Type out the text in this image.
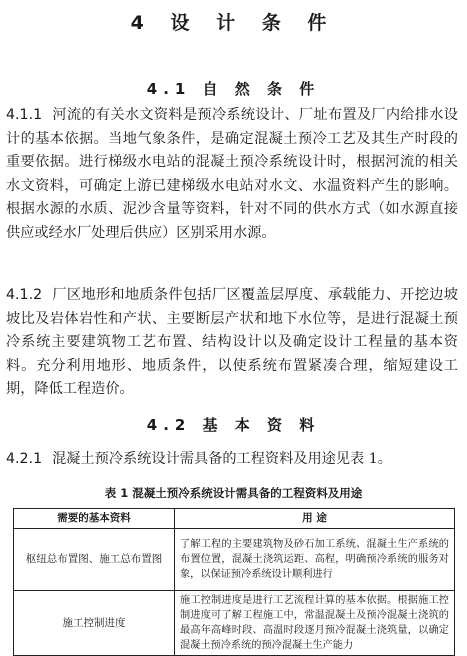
4 设 计 条 件
4.1 自 然 条 件

4.1.1 河流的有关水文资料是预冷系统设计、厂址布置及厂内给排水设计的基本依据。当地气象条件，是确定混凝土预冷工艺及其生产时段的重要依据。进行梯级水电站的混凝土预冷系统设计时，根据河流的相关水文资料，可确定上游已建梯级水电站对水文、水温资料产生的影响。根据水源的水质、泥沙含量等资料，针对不同的供水方式（如水源直接供应或经水厂处理后供应）区别采用水源。

4.1.2 厂区地形和地质条件包括厂区覆盖层厚度、承载能力、开挖边坡坡比及岩体岩性和产状、主要断层产状和地下水位等，是进行混凝土预冷系统主要建筑物工艺布置、结构设计以及确定设计工程量的基本资料。充分利用地形、地质条件，以使系统布置紧凑合理，缩短建设工期，降低工程造价。

4.2 基 本 资 料

4.2.1 混凝土预冷系统设计需具备的工程资料及用途见表 1。

表 1 混凝土预冷系统设计需具备的工程资料及用途
需要的基本资料	用 途
枢纽总布置图、施工总布置图	了解工程的主要建筑物及砂石加工系统、混凝土生产系统的布置位置，混凝土浇筑运距、高程，明确预冷系统的服务对象，以保证预冷系统设计顺利进行
施工控制进度	施工控制进度是进行工艺流程计算的基本依据。根据施工控制进度可了解工程施工中，常温混凝土及预冷混凝土浇筑的最高年高峰时段、高温时段逐月预冷混凝土浇筑量，以确定混凝土预冷系统的预冷混凝土生产能力
